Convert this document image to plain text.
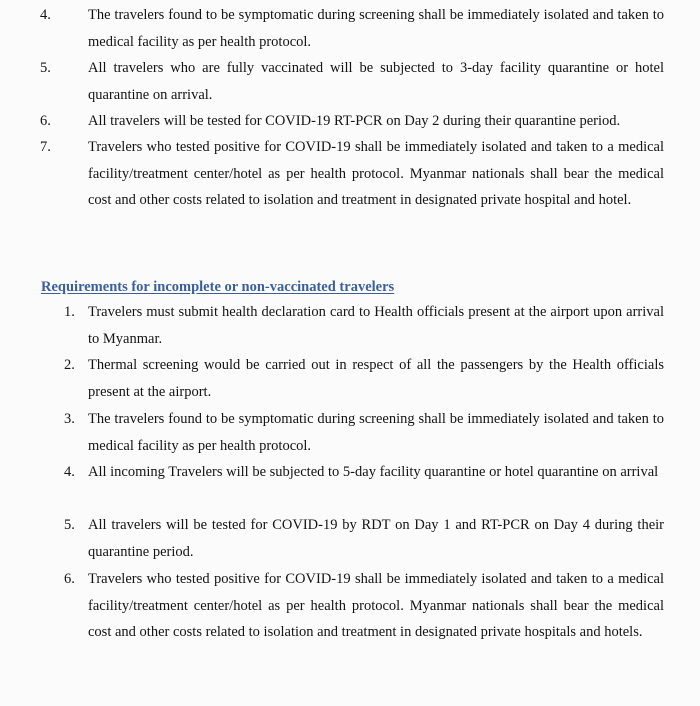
4.	The travelers found to be symptomatic during screening shall be immediately isolated and taken to medical facility as per health protocol.
5.	All travelers who are fully vaccinated will be subjected to 3-day facility quarantine or hotel quarantine on arrival.
6.	All travelers will be tested for COVID-19 RT-PCR on Day 2 during their quarantine period.
7.	Travelers who tested positive for COVID-19 shall be immediately isolated and taken to a medical facility/treatment center/hotel as per health protocol. Myanmar nationals shall bear the medical cost and other costs related to isolation and treatment in designated private hospital and hotel.
Requirements for incomplete or non-vaccinated travelers
1. Travelers must submit health declaration card to Health officials present at the airport upon arrival to Myanmar.
2. Thermal screening would be carried out in respect of all the passengers by the Health officials present at the airport.
3. The travelers found to be symptomatic during screening shall be immediately isolated and taken to medical facility as per health protocol.
4. All incoming Travelers will be subjected to 5-day facility quarantine or hotel quarantine on arrival
5. All travelers will be tested for COVID-19 by RDT on Day 1 and RT-PCR on Day 4 during their quarantine period.
6. Travelers who tested positive for COVID-19 shall be immediately isolated and taken to a medical facility/treatment center/hotel as per health protocol. Myanmar nationals shall bear the medical cost and other costs related to isolation and treatment in designated private hospitals and hotels.
